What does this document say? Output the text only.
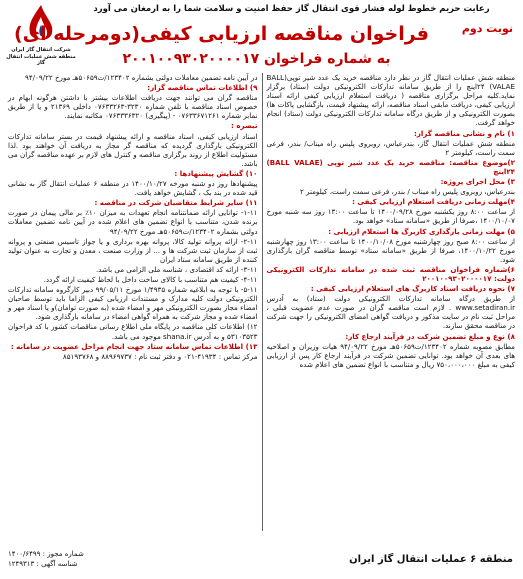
رعایت حریم خطوط لوله فشار قوی انتقال گاز حفظ امنیت و سلامت شما را به ارمغان می آورد
شرکت انتقال گاز ایران
منطقه شش عملیات انتقال گاز
نوبت دوم
فراخوان مناقصه ارزیابی کیفی(دومرحله ای)
به شماره فراخوان ۲۰۰۱۰۰۹۳۰۲۰۰۰۰۱۷

منطقه شش عملیات انتقال گاز در نظر دارد مناقصه خرید یک عدد شیر توپی(BALL VALAE) ۲۴اینچ را از طریق سامانه تدارکات الکترونیکی دولت (ستاد) برگزار نماید.کلیه مراحل برگزاری مناقصه ( دریافت استعلام ارزیابی کیفی ارائه اسناد ارزیابی کیفی، دریافت مابقی اسناد مناقصه، ارائه پیشنهاد قیمت، بازگشایی پاکات ها) بصورت الکترونیکی و از طریق درگاه سامانه تدارکات الکترونیکی دولت (ستاد) انجام خواهد گرفت.

۱) نام و نشانی مناقصه گزار:

منطقه شش عملیات انتقال گاز، بندرعباس، روبروی پلیس راه میناب/ بندر، فرعی سمت راست، کیلومتر ۲

۲)موضوع مناقصه: مناقصه خرید یک عدد شیر توپی (BALL VALAE) ۲۴اینچ

۳) محل اجرای پروژه:

بندرعباس، روبروی پلیس راه میناب / بندر، فرعی سمت راست، کیلومتر ۲

۴)مهلت زمانی دریافت استعلام ارزیابی کیفی :

از ساعت ۸:۰۰ روز یکشنبه مورخ ۱۴۰۰/۰۹/۲۸ تا ساعت ۱۳:۰۰ روز سه شنبه مورخ ۱۴۰۰/۱۰/۰۷ ،صرفا از طریق «سامانه ستاد» خواهد بود.

۵) مهلت زمانی بارگذاری کاربرگ ها استعلام ارزیابی :

از ساعت ۸:۰۰ صبح روز چهارشنبه مورخ ۱۴۰۰/۱۰/۰۸ تا ساعت ۱۳:۰۰ روز چهارشنبه مورخ ۱۴۰۰/۱۰/۲۲، صرفا از طریق «سامانه ستاد» توسط مناقصه گران بارگذاری شود.

۶)شماره فراخوان مناقصه ثبت شده در سامانه تدارکات الکترونیکی دولت: ۲۰۰۱۰۰۹۳۰۲۰۰۰۰۱۷

۷) نحوه دریافت اسناد کاربرگ های استعلام ارزیابی کیفی :

از طریق درگاه سامانه تدارکات الکترونیکی دولت (ستاد) به آدرس www.setadiran.ir . لازم است مناقصه گران در صورت عدم عضویت قبلی ، مراحل ثبت نام در سایت مذکور و دریافت گواهی امضای الکترونیکی را جهت شرکت در مناقصه محقق سازند.

۸) نوع و مبلغ تضمین شرکت در فرآیند ارجاع کار:

مطابق مصوبه شماره ۱۲۳۴۰۲/ت۵۰۶۵۹هـ مورخ ۹۴/۰۹/۲۲ هیات وزیران و اصلاحیه های بعدی آن خواهد بود. توانایی تضمین شرکت در فرآیند ارجاع کار پس از ارزیابی کیفی به مبلغ ۷۵۰،۰۰۰،۰۰۰ ریال و متناسب با انواع تضمین های اعلام شده

در آیین نامه تضمین معاملات دولتی بشماره ۱۲۳۴۰۲/ت۵۰۶۵۹هـ مورخ ۹۴/۰۹/۲۲

۹) اطلاعات تماس مناقصه گزار:

مناقصه گران می توانند جهت دریافت اطلاعات بیشتر با داشتن هرگونه ابهام در خصوص اسناد مناقصه با تلفن شماره ۳۲۳۰-۰۷۶۳۳۲۶۳ داخلی ۲۱۳۶۹ و یا از طریق نمابر شماره ۰۷۶۳۳۶۷۱۲۶۱ - (پیگیری) ۰۷۶۳۳۳۶۳۲۰ مکاتبه نمایند.

تبصره :

اسناد ارزیابی کیفی، اسناد مناقصه و ارائه پیشنهاد قیمت در بستر سامانه تدارکات الکترونیکی بارگذاری گردیده که مناقصه گر مجاز به دریافت آن خواهند بود .لذا مسئولیت اطلاع از روند برگزاری مناقصه و کنترل های لازم بر عهده مناقصه گران می باشد.

۱۰) گشایش پیشنهادها :

پیشنهادها روز دو شنبه مورخه ۱۴۰۰/۱۰/۲۷ در منطقه ۶ عملیات انتقال گاز به نشانی قید شده در بند یک ، گشایش خواهد یافت.

۱۱) سایر شرایط متقاضیان شرکت در مناقصه :

۱-۱۱- توانایی ارائه ضمانتنامه انجام تعهدات به میزان ۱۰٪ بر مالی پیمان در صورت برنده شدن، متناسب با انواع تضمین های اعلام شده در آیین نامه تضمین معاملات دولتی بشماره ۱۲۳۴۰۲/ت۵۰۶۵۹هـ مورخ ۹۴/۰۹/۲۲

۲-۱۱- ارائه پروانه تولید کالا، پروانه بهره برداری و یا جواز تاسیس صنعتی و پروانه ثبت از سازمان ثبت شرکت ها و ... از وزارت صنعت ، معدن و تجارت به عنوان تولید کننده از طریق سامانه ستاد ایران

۳-۱۱- ارائه کد اقتصادی ، شناسه ملی الزامی می باشد.

۴-۱۱- کیفیت هم متناسب با کالای ساخت داخل با لحاظ کیفیت ارائه گردد.

۵-۱۱- با توجه به ابلاغیه شماره ۱/۴۹۳۵ مورخ ۹۹/۰۵/۱۱ دبیر کارگروه سامانه تدارکات الکترونیکی دولت کلیه مدارک و مستندات ارزیابی کیفی الزاما باید توسط صاحبان امضاء مجاز بصورت الکترونیکی مهر و امضاء شده (به صورت توامان)و یا اسناد مهر و امضاء شده و مجاز شرکت به همراه گواهی امضاء در سامانه بارگذاری شود.

۱۲) اطلاعات کلی مناقصه در پایگاه ملی اطلاع رسانی مناقصات کشور با کد فراخوان ۵۳۱۰۳۵۲۳ و به آدرس shana.ir موجود می باشد.

۱۳) اطلاعات تماس سامانه ستاد جهت انجام مراحل عضویت در سامانه :

مرکز تماس : ۴۱۹۳۴-۰۲۱ و دفتر ثبت نام : ۸۸۹۶۹۷۳۷ و ۸۵۱۹۳۷۶۸

منطقه ۶ عملیات انتقال گاز ایران
شماره مجوز : ۱۴۰۰/۶۴۹۹
شناسه آگهی : ۱۲۴۹۳۱۳
